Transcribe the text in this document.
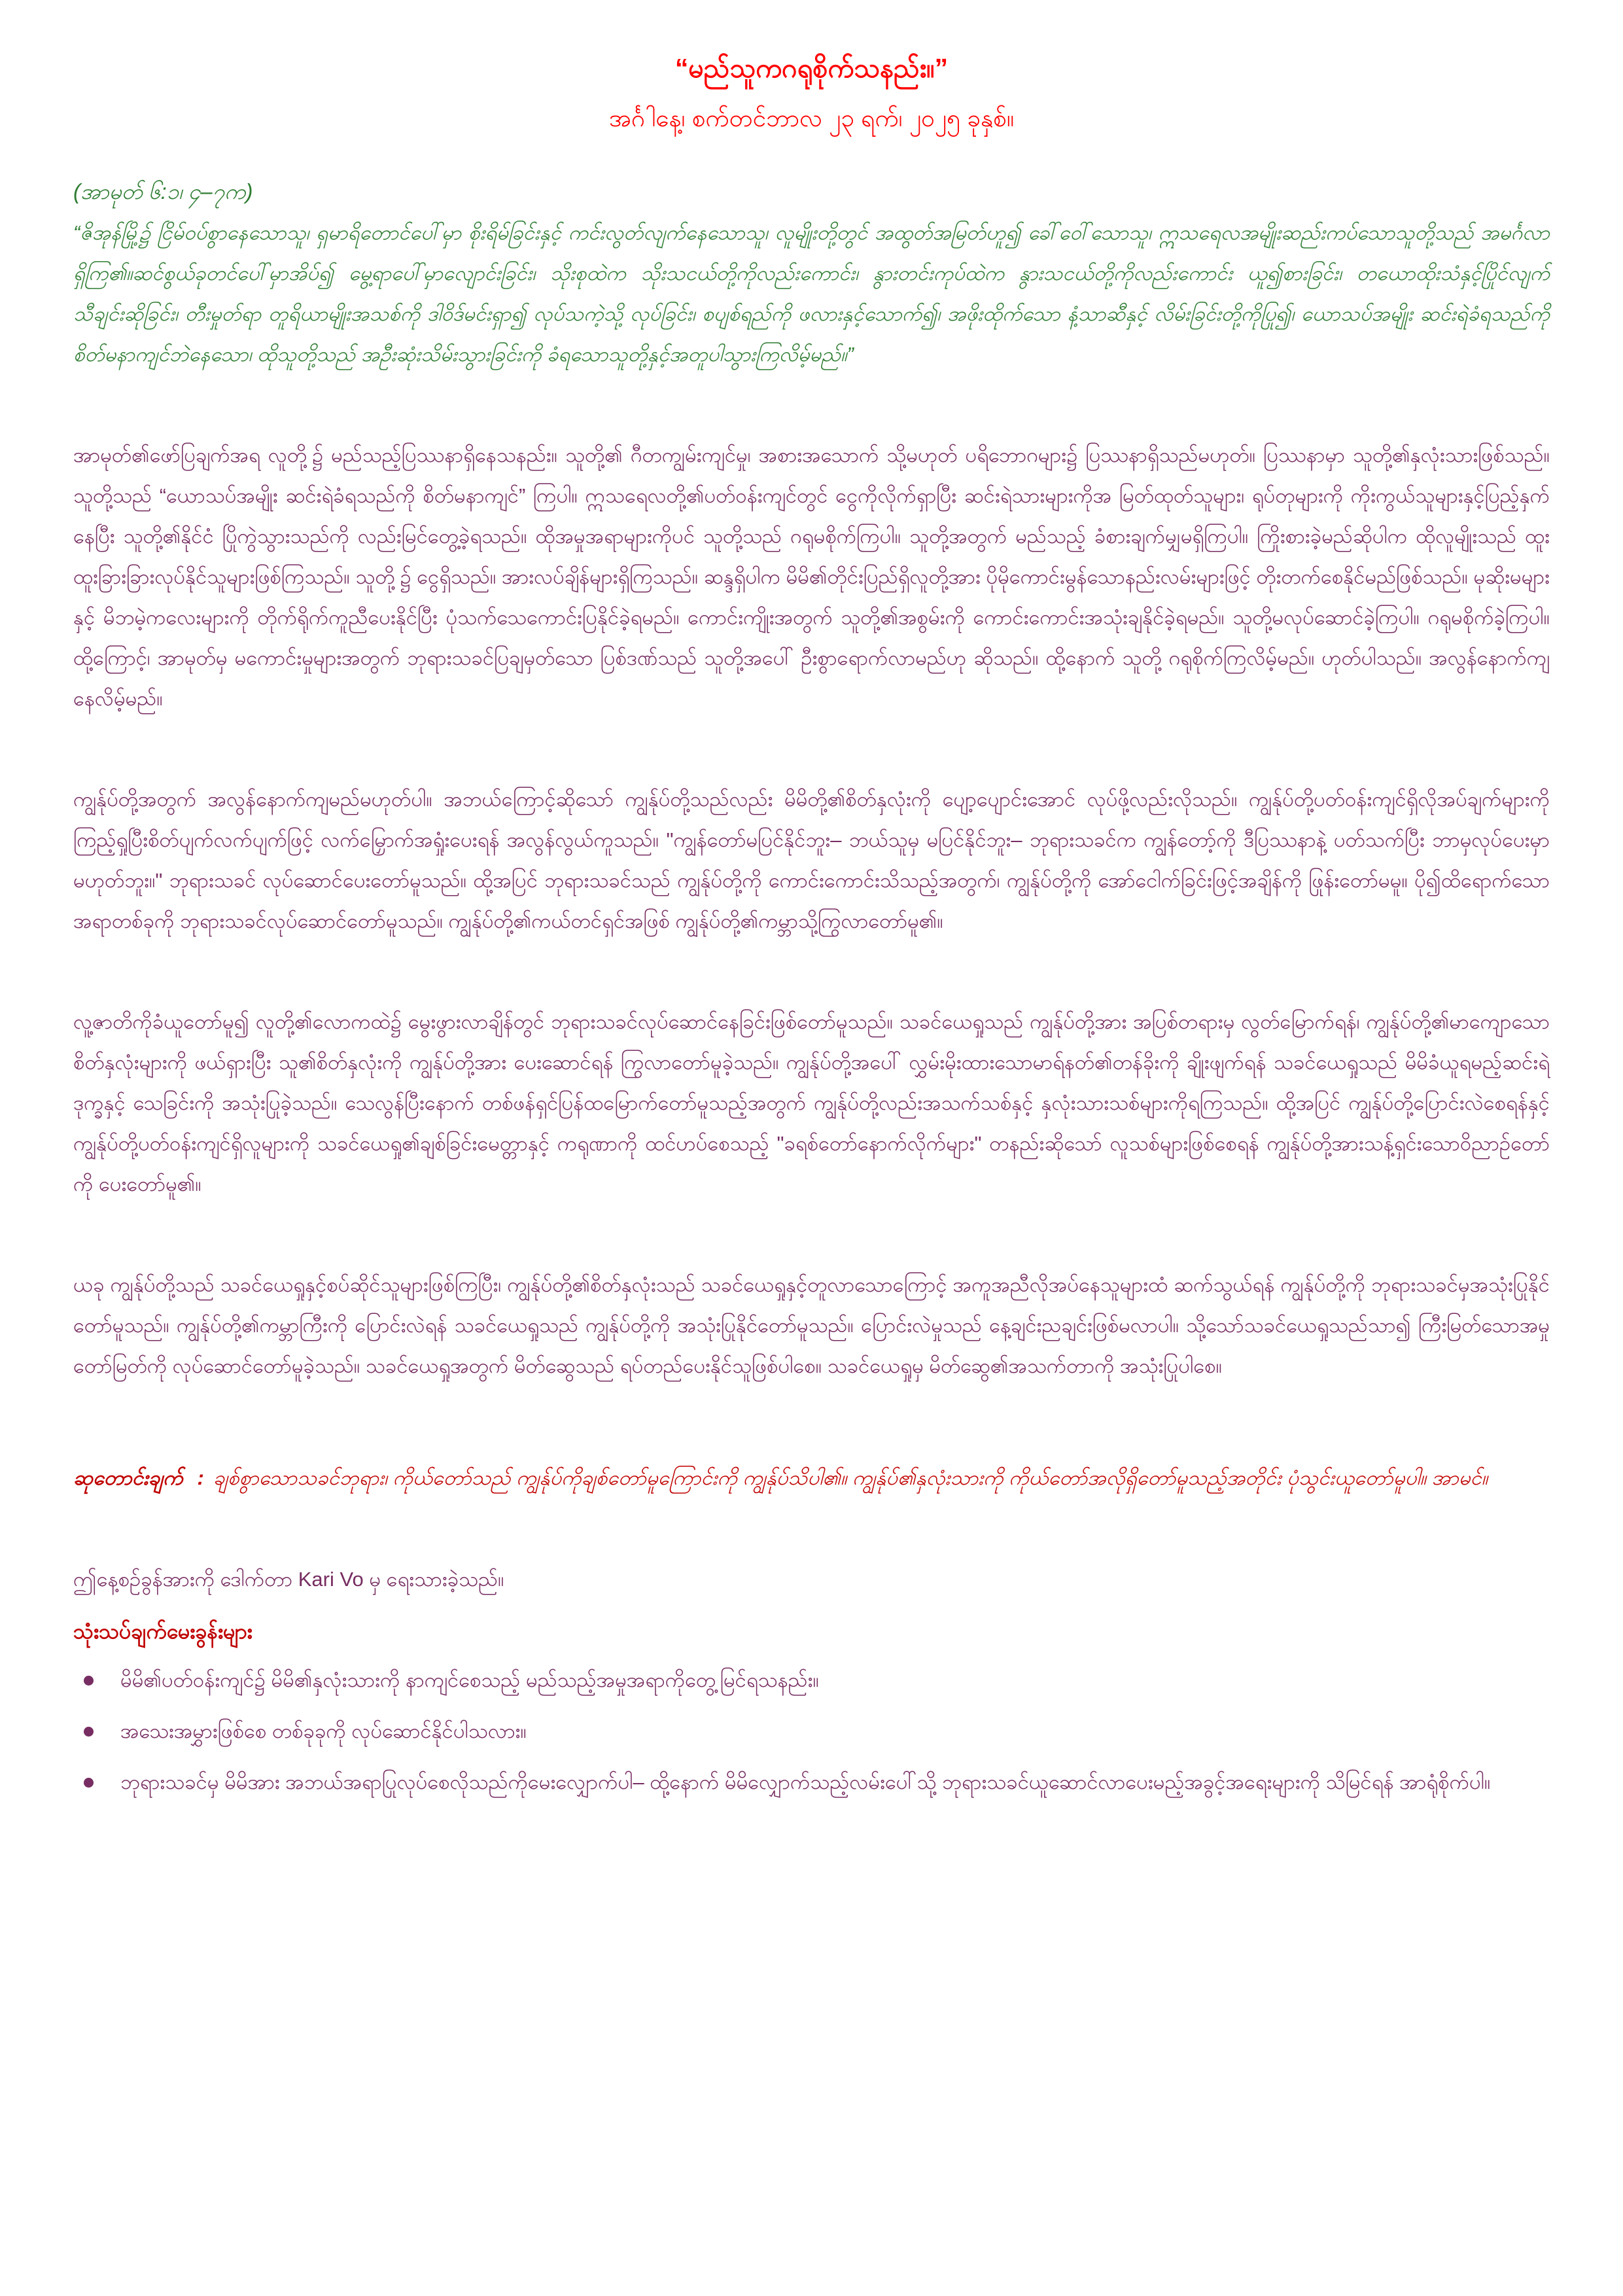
“မည်သူကဂရုစိုက်သနည်း။”
အင်္ဂါနေ့၊ စက်တင်ဘာလ ၂၃ ရက်၊ ၂၀၂၅ ခုနှစ်။
(အာမုတ် ၆:၁၊ ၄–၇က)
“ဇိအုန်မြို့၌ ငြိမ်ဝပ်စွာနေသောသူ၊ ရှမာရိတောင်ပေါ်မှာ စိုးရိမ်ခြင်းနှင့် ကင်းလွတ်လျက်နေသောသူ၊ လူမျိုးတို့တွင် အထွတ်အမြတ်ဟူ၍ ခေါ်ဝေါ်သောသူ၊ ဣသရေလအမျိုးဆည်းကပ်သောသူတို့သည် အမင်္ဂလာ ရှိကြ၏။ဆင်စွယ်ခုတင်ပေါ်မှာအိပ်၍ မွေ့ရာပေါ်မှာလျောင်းခြင်း၊ သိုးစုထဲက သိုးသငယ်တို့ကိုလည်းကောင်း၊ နွားတင်းကုပ်ထဲက နွားသငယ်တို့ကိုလည်းကောင်း ယူ၍စားခြင်း၊ တယောထိုးသံနှင့်ပြိုင်လျက် သီချင်းဆိုခြင်း၊ တီးမှုတ်ရာ တူရိယာမျိုးအသစ်ကို ဒါဝိဒ်မင်းရှာ၍ လုပ်သကဲ့သို့ လုပ်ခြင်း၊ စပျစ်ရည်ကို ဖလားနှင့်သောက်၍၊ အဖိုးထိုက်သော နံ့သာဆီနှင့် လိမ်းခြင်းတို့ကိုပြု၍၊ ယောသပ်အမျိုး ဆင်းရဲခံရသည်ကို စိတ်မနာကျင်ဘဲနေသော၊ ထိုသူတို့သည် အဦးဆုံးသိမ်းသွားခြင်းကို ခံရသောသူတို့နှင့်အတူပါသွားကြလိမ့်မည်။”
အာမုတ်၏ဖော်ပြချက်အရ လူတို့၌ မည်သည့်ပြဿနာရှိနေသနည်း။ သူတို့၏ ဂီတကျွမ်းကျင်မှု၊ အစားအသောက် သို့မဟုတ် ပရိဘောဂများ၌ ပြဿနာရှိသည်မဟုတ်။ ပြဿနာမှာ သူတို့၏နှလုံးသားဖြစ်သည်။ သူတို့သည် “ယောသပ်အမျိုး ဆင်းရဲခံရသည်ကို စိတ်မနာကျင်” ကြပါ။ ဣသရေလတို့၏ပတ်ဝန်းကျင်တွင် ငွေကိုလိုက်ရှာပြီး ဆင်းရဲသားများကိုအ မြတ်ထုတ်သူများ၊ ရုပ်တုများကို ကိုးကွယ်သူများနှင့်ပြည့်နှက်နေပြီး သူတို့၏နိုင်ငံ ပြိုကွဲသွားသည်ကို လည်းမြင်တွေ့ခဲ့ရသည်။ ထိုအမှုအရာများကိုပင် သူတို့သည် ဂရုမစိုက်ကြပါ။ သူတို့အတွက် မည်သည့် ခံစားချက်မျှမရှိကြပါ။ ကြိုးစားခဲ့မည်ဆိုပါက ထိုလူမျိုးသည် ထူးထူးခြားခြားလုပ်နိုင်သူများဖြစ်ကြသည်။ သူတို့၌ ငွေရှိသည်။ အားလပ်ချိန်များရှိကြသည်။ ဆန္ဒရှိပါက မိမိ၏တိုင်းပြည်ရှိလူတို့အား ပိုမိုကောင်းမွန်သောနည်းလမ်းများဖြင့် တိုးတက်စေနိုင်မည်ဖြစ်သည်။ မုဆိုးမများနှင့် မိဘမဲ့ကလေးများကို တိုက်ရိုက်ကူညီပေးနိုင်ပြီး ပုံသက်သေကောင်းပြနိုင်ခဲ့ရမည်။ ကောင်းကျိုးအတွက် သူတို့၏အစွမ်းကို ကောင်းကောင်းအသုံးချနိုင်ခဲ့ရမည်။ သူတို့မလုပ်ဆောင်ခဲ့ကြပါ။ ဂရုမစိုက်ခဲ့ကြပါ။ ထို့ကြောင့်၊ အာမုတ်မှ မကောင်းမှုများအတွက် ဘုရားသခင်ပြချမှတ်သော ပြစ်ဒဏ်သည် သူတို့အပေါ် ဦးစွာရောက်လာမည်ဟု ဆိုသည်။ ထို့နောက် သူတို့ ဂရုစိုက်ကြလိမ့်မည်။ ဟုတ်ပါသည်။ အလွန်နောက်ကျနေလိမ့်မည်။
ကျွန်ုပ်တို့အတွက် အလွန်နောက်ကျမည်မဟုတ်ပါ။ အဘယ်ကြောင့်ဆိုသော် ကျွန်ုပ်တို့သည်လည်း မိမိတို့၏စိတ်နှလုံးကို ပျော့ပျောင်းအောင် လုပ်ဖို့လည်းလိုသည်။ ကျွန်ုပ်တို့ပတ်ဝန်းကျင်ရှိလိုအပ်ချက်များကို ကြည့်ရှုပြီးစိတ်ပျက်လက်ပျက်ဖြင့် လက်မြှောက်အရှုံးပေးရန် အလွန်လွယ်ကူသည်။ "ကျွန်တော်မပြင်နိုင်ဘူး– ဘယ်သူမှ မပြင်နိုင်ဘူး– ဘုရားသခင်က ကျွန်တော့်ကို ဒီပြဿနာနဲ့ ပတ်သက်ပြီး ဘာမှလုပ်ပေးမှာမဟုတ်ဘူး။" ဘုရားသခင် လုပ်ဆောင်ပေးတော်မူသည်။ ထို့အပြင် ဘုရားသခင်သည် ကျွန်ုပ်တို့ကို ကောင်းကောင်းသိသည့်အတွက်၊ ကျွန်ုပ်တို့ကို အော်ငေါက်ခြင်းဖြင့်အချိန်ကို ဖြုန်းတော်မမူ။ ပို၍ထိရောက်သောအရာတစ်ခုကို ဘုရားသခင်လုပ်ဆောင်တော်မူသည်။ ကျွန်ုပ်တို့၏ကယ်တင်ရှင်အဖြစ် ကျွန်ုပ်တို့၏ကမ္ဘာသို့ကြွလာတော်မူ၏။
လူ့ဇာတိကိုခံယူတော်မူ၍ လူတို့၏လောကထဲ၌ မွေးဖွားလာချိန်တွင် ဘုရားသခင်လုပ်ဆောင်နေခြင်းဖြစ်တော်မူသည်။ သခင်ယေရှုသည် ကျွန်ုပ်တို့အား အပြစ်တရားမှ လွတ်မြောက်ရန်၊ ကျွန်ုပ်တို့၏မာကျောသောစိတ်နှလုံးများကို ဖယ်ရှားပြီး သူ၏စိတ်နှလုံးကို ကျွန်ုပ်တို့အား ပေးဆောင်ရန် ကြွလာတော်မူခဲ့သည်။ ကျွန်ုပ်တို့အပေါ် လွှမ်းမိုးထားသောမာရ်နတ်၏တန်ခိုးကို ချိုးဖျက်ရန် သခင်ယေရှုသည် မိမိခံယူရမည့်ဆင်းရဲဒုက္ခနှင့် သေခြင်းကို အသုံးပြုခဲ့သည်။ သေလွန်ပြီးနောက် တစ်ဖန်ရှင်ပြန်ထမြောက်တော်မူသည့်အတွက် ကျွန်ုပ်တို့လည်းအသက်သစ်နှင့် နှလုံးသားသစ်များကိုရကြသည်။ ထို့အပြင် ကျွန်ုပ်တို့ပြောင်းလဲစေရန်နှင့် ကျွန်ုပ်တို့ပတ်ဝန်းကျင်ရှိလူများကို သခင်ယေရှု၏ချစ်ခြင်းမေတ္တာနှင့် ကရုဏာကို ထင်ဟပ်စေသည့် "ခရစ်တော်နောက်လိုက်များ" တနည်းဆိုသော် လူသစ်များဖြစ်စေရန် ကျွန်ုပ်တို့အားသန့်ရှင်းသောဝိညာဉ်တော်ကို ပေးတော်မူ၏။
ယခု ကျွန်ုပ်တို့သည် သခင်ယေရှုနှင့်စပ်ဆိုင်သူများဖြစ်ကြပြီး၊ ကျွန်ုပ်တို့၏စိတ်နှလုံးသည် သခင်ယေရှုနှင့်တူလာသောကြောင့် အကူအညီလိုအပ်နေသူများထံ ဆက်သွယ်ရန် ကျွန်ုပ်တို့ကို ဘုရားသခင်မှအသုံးပြုနိုင်တော်မူသည်။ ကျွန်ုပ်တို့၏ကမ္ဘာကြီးကို ပြောင်းလဲရန် သခင်ယေရှုသည် ကျွန်ုပ်တို့ကို အသုံးပြုနိုင်တော်မူသည်။ ပြောင်းလဲမှုသည် နေ့ချင်းညချင်းဖြစ်မလာပါ။ သို့သော်သခင်ယေရှုသည်သာ၍ ကြီးမြတ်သောအမှုတော်မြတ်ကို လုပ်ဆောင်တော်မူခဲ့သည်။ သခင်ယေရှုအတွက် မိတ်ဆွေသည် ရပ်တည်ပေးနိုင်သူဖြစ်ပါစေ။ သခင်ယေရှုမှ မိတ်ဆွေ၏အသက်တာကို အသုံးပြုပါစေ။
ဆုတောင်းချက် : ချစ်စွာသောသခင်ဘုရား၊ ကိုယ်တော်သည် ကျွန်ုပ်ကိုချစ်တော်မူကြောင်းကို ကျွန်ုပ်သိပါ၏။ ကျွန်ုပ်၏နှလုံးသားကို ကိုယ်တော်အလိုရှိတော်မူသည့်အတိုင်း ပုံသွင်းယူတော်မူပါ။ အာမင်။
ဤနေ့စဉ်ခွန်အားကို ဒေါက်တာ Kari Vo မှ ရေးသားခဲ့သည်။
သုံးသပ်ချက်မေးခွန်းများ
မိမိ၏ပတ်ဝန်းကျင်၌ မိမိ၏နှလုံးသားကို နာကျင်စေသည့် မည်သည့်အမှုအရာကိုတွေ့မြင်ရသနည်း။
အသေးအမွှားဖြစ်စေ တစ်ခုခုကို လုပ်ဆောင်နိုင်ပါသလား။
ဘုရားသခင်မှ မိမိအား အဘယ်အရာပြုလုပ်စေလိုသည်ကိုမေးလျှောက်ပါ– ထို့နောက် မိမိလျှောက်သည့်လမ်းပေါ်သို့ ဘုရားသခင်ယူဆောင်လာပေးမည့်အခွင့်အရေးများကို သိမြင်ရန် အာရုံစိုက်ပါ။
